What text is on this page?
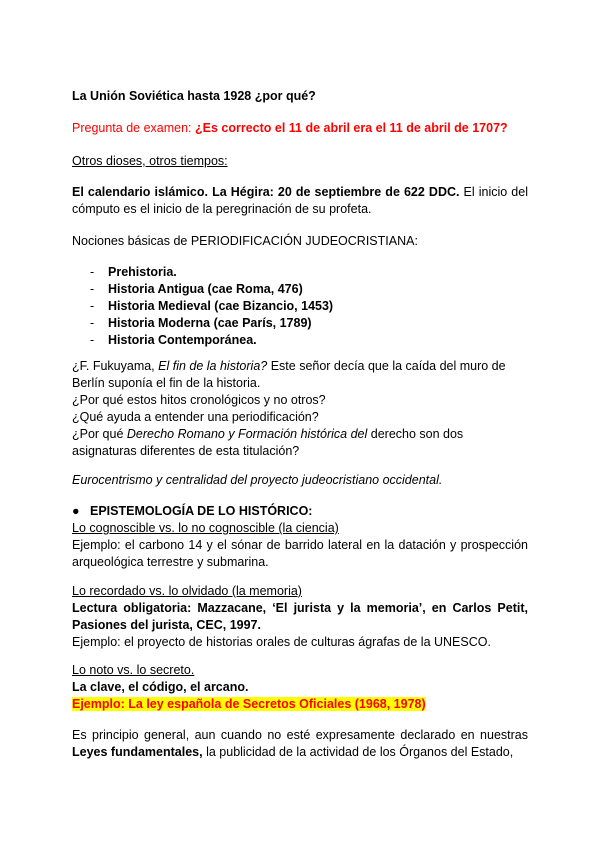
La Unión Soviética hasta 1928 ¿por qué?

Pregunta de examen: ¿Es correcto el 11 de abril era el 11 de abril de 1707?

Otros dioses, otros tiempos:

El calendario islámico. La Hégira: 20 de septiembre de 622 DDC. El inicio del cómputo es el inicio de la peregrinación de su profeta.

Nociones básicas de PERIODIFICACIÓN JUDEOCRISTIANA:

- Prehistoria.
- Historia Antigua (cae Roma, 476)
- Historia Medieval (cae Bizancio, 1453)
- Historia Moderna (cae París, 1789)
- Historia Contemporánea.
¿F. Fukuyama, El fin de la historia? Este señor decía que la caída del muro de Berlín suponía el fin de la historia.
¿Por qué estos hitos cronológicos y no otros?
¿Qué ayuda a entender una periodificación?
¿Por qué Derecho Romano y Formación histórica del derecho son dos asignaturas diferentes de esta titulación?

Eurocentrismo y centralidad del proyecto judeocristiano occidental.

● EPISTEMOLOGÍA DE LO HISTÓRICO:
Lo cognoscible vs. lo no cognoscible (la ciencia)
Ejemplo: el carbono 14 y el sónar de barrido lateral en la datación y prospección arqueológica terrestre y submarina.
Lo recordado vs. lo olvidado (la memoria)
Lectura obligatoria: Mazzacane, ‘El jurista y la memoria’, en Carlos Petit, Pasiones del jurista, CEC, 1997.
Ejemplo: el proyecto de historias orales de culturas ágrafas de la UNESCO.
Lo noto vs. lo secreto.
La clave, el código, el arcano.
Ejemplo: La ley española de Secretos Oficiales (1968, 1978)

Es principio general, aun cuando no esté expresamente declarado en nuestras Leyes fundamentales, la publicidad de la actividad de los Órganos del Estado,
